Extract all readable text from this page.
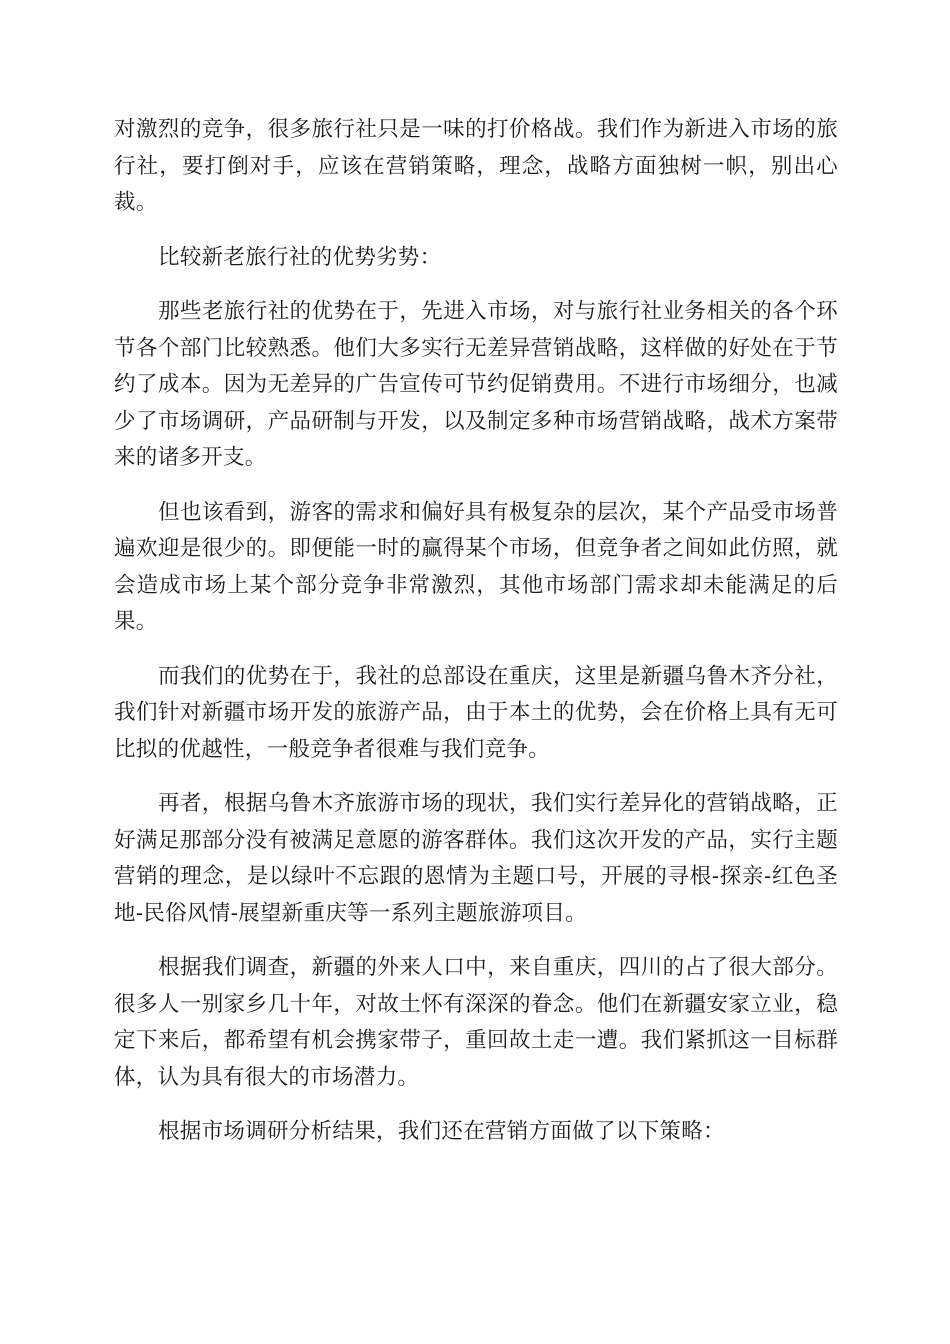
对激烈的竞争，很多旅行社只是一味的打价格战。我们作为新进入市场的旅行社，要打倒对手，应该在营销策略，理念，战略方面独树一帜，别出心裁。

比较新老旅行社的优势劣势：

那些老旅行社的优势在于，先进入市场，对与旅行社业务相关的各个环节各个部门比较熟悉。他们大多实行无差异营销战略，这样做的好处在于节约了成本。因为无差异的广告宣传可节约促销费用。不进行市场细分，也减少了市场调研，产品研制与开发，以及制定多种市场营销战略，战术方案带来的诸多开支。

但也该看到，游客的需求和偏好具有极复杂的层次，某个产品受市场普遍欢迎是很少的。即便能一时的赢得某个市场，但竞争者之间如此仿照，就会造成市场上某个部分竞争非常激烈，其他市场部门需求却未能满足的后果。

而我们的优势在于，我社的总部设在重庆，这里是新疆乌鲁木齐分社，我们针对新疆市场开发的旅游产品，由于本土的优势，会在价格上具有无可比拟的优越性，一般竞争者很难与我们竞争。

再者，根据乌鲁木齐旅游市场的现状，我们实行差异化的营销战略，正好满足那部分没有被满足意愿的游客群体。我们这次开发的产品，实行主题营销的理念，是以绿叶不忘跟的恩情为主题口号，开展的寻根-探亲-红色圣地-民俗风情-展望新重庆等一系列主题旅游项目。

根据我们调查，新疆的外来人口中，来自重庆，四川的占了很大部分。很多人一别家乡几十年，对故土怀有深深的眷念。他们在新疆安家立业，稳定下来后，都希望有机会携家带子，重回故土走一遭。我们紧抓这一目标群体，认为具有很大的市场潜力。

根据市场调研分析结果，我们还在营销方面做了以下策略：
